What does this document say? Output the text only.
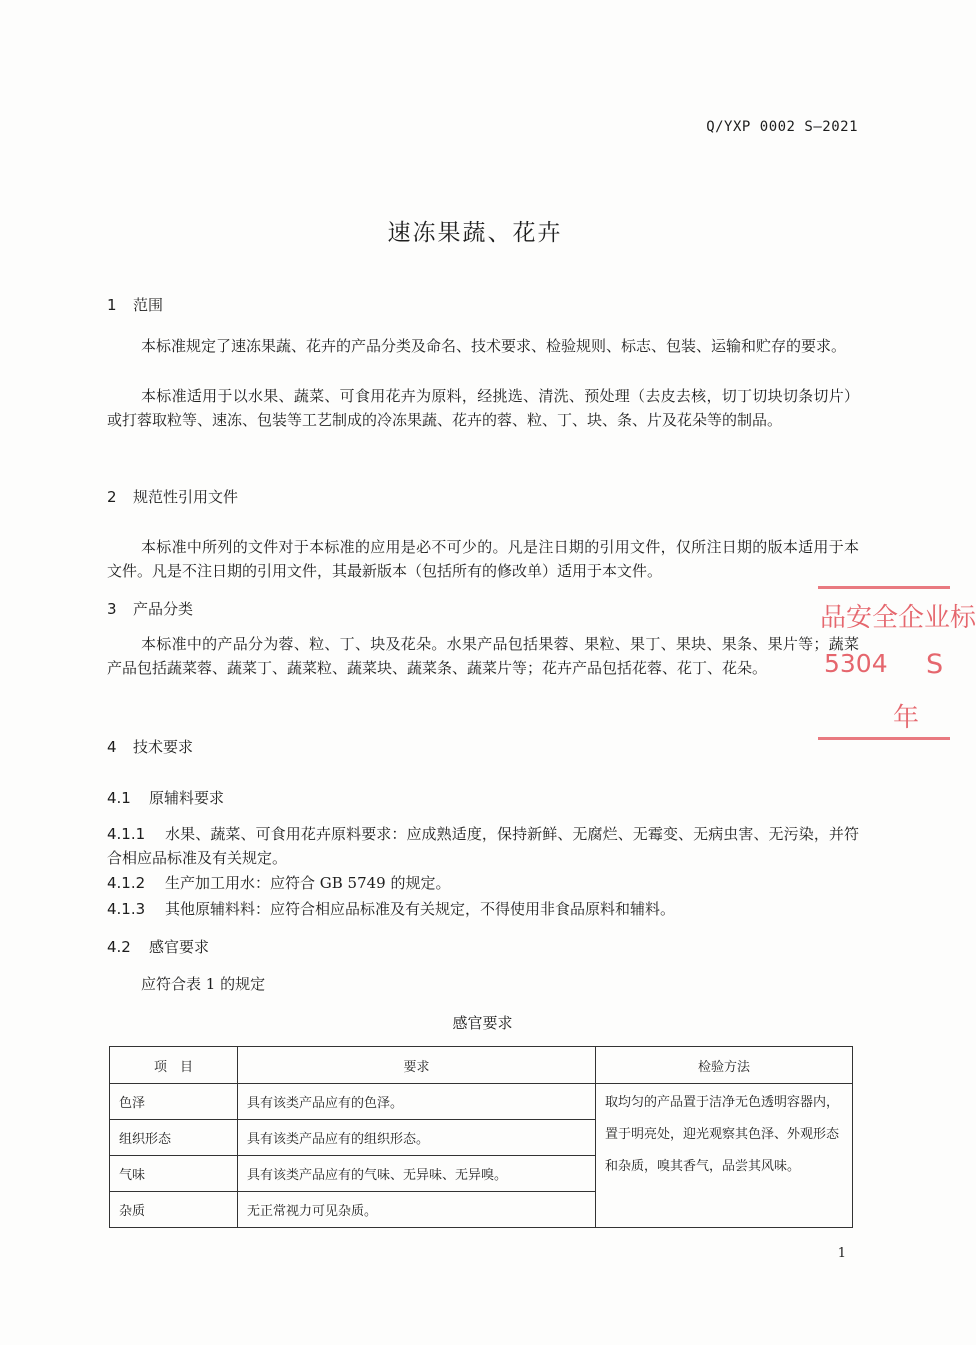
Q/YXP 0002 S—2021
速冻果蔬、花卉
1 范围
本标准规定了速冻果蔬、花卉的产品分类及命名、技术要求、检验规则、标志、包装、运输和贮存的要求。
本标准适用于以水果、蔬菜、可食用花卉为原料，经挑选、清洗、预处理（去皮去核，切丁切块切条切片）或打蓉取粒等、速冻、包装等工艺制成的冷冻果蔬、花卉的蓉、粒、丁、块、条、片及花朵等的制品。
2 规范性引用文件
本标准中所列的文件对于本标准的应用是必不可少的。凡是注日期的引用文件，仅所注日期的版本适用于本文件。凡是不注日期的引用文件，其最新版本（包括所有的修改单）适用于本文件。
3 产品分类
本标准中的产品分为蓉、粒、丁、块及花朵。水果产品包括果蓉、果粒、果丁、果块、果条、果片等；蔬菜产品包括蔬菜蓉、蔬菜丁、蔬菜粒、蔬菜块、蔬菜条、蔬菜片等；花卉产品包括花蓉、花丁、花朵。
4 技术要求
4.1 原辅料要求
4.1.1 水果、蔬菜、可食用花卉原料要求：应成熟适度，保持新鲜、无腐烂、无霉变、无病虫害、无污染，并符合相应品标准及有关规定。
4.1.2 生产加工用水：应符合 GB 5749 的规定。
4.1.3 其他原辅料料：应符合相应品标准及有关规定，不得使用非食品原料和辅料。
4.2 感官要求
应符合表 1 的规定
感官要求
项　目	要求	检验方法
色泽	具有该类产品应有的色泽。	取均匀的产品置于洁净无色透明容器内，置于明亮处，迎光观察其色泽、外观形态和杂质，嗅其香气，品尝其风味。
组织形态	具有该类产品应有的组织形态。	
气味	具有该类产品应有的气味、无异味、无异嗅。	
杂质	无正常视力可见杂质。	
品安全企业标
5304 S
年
1
